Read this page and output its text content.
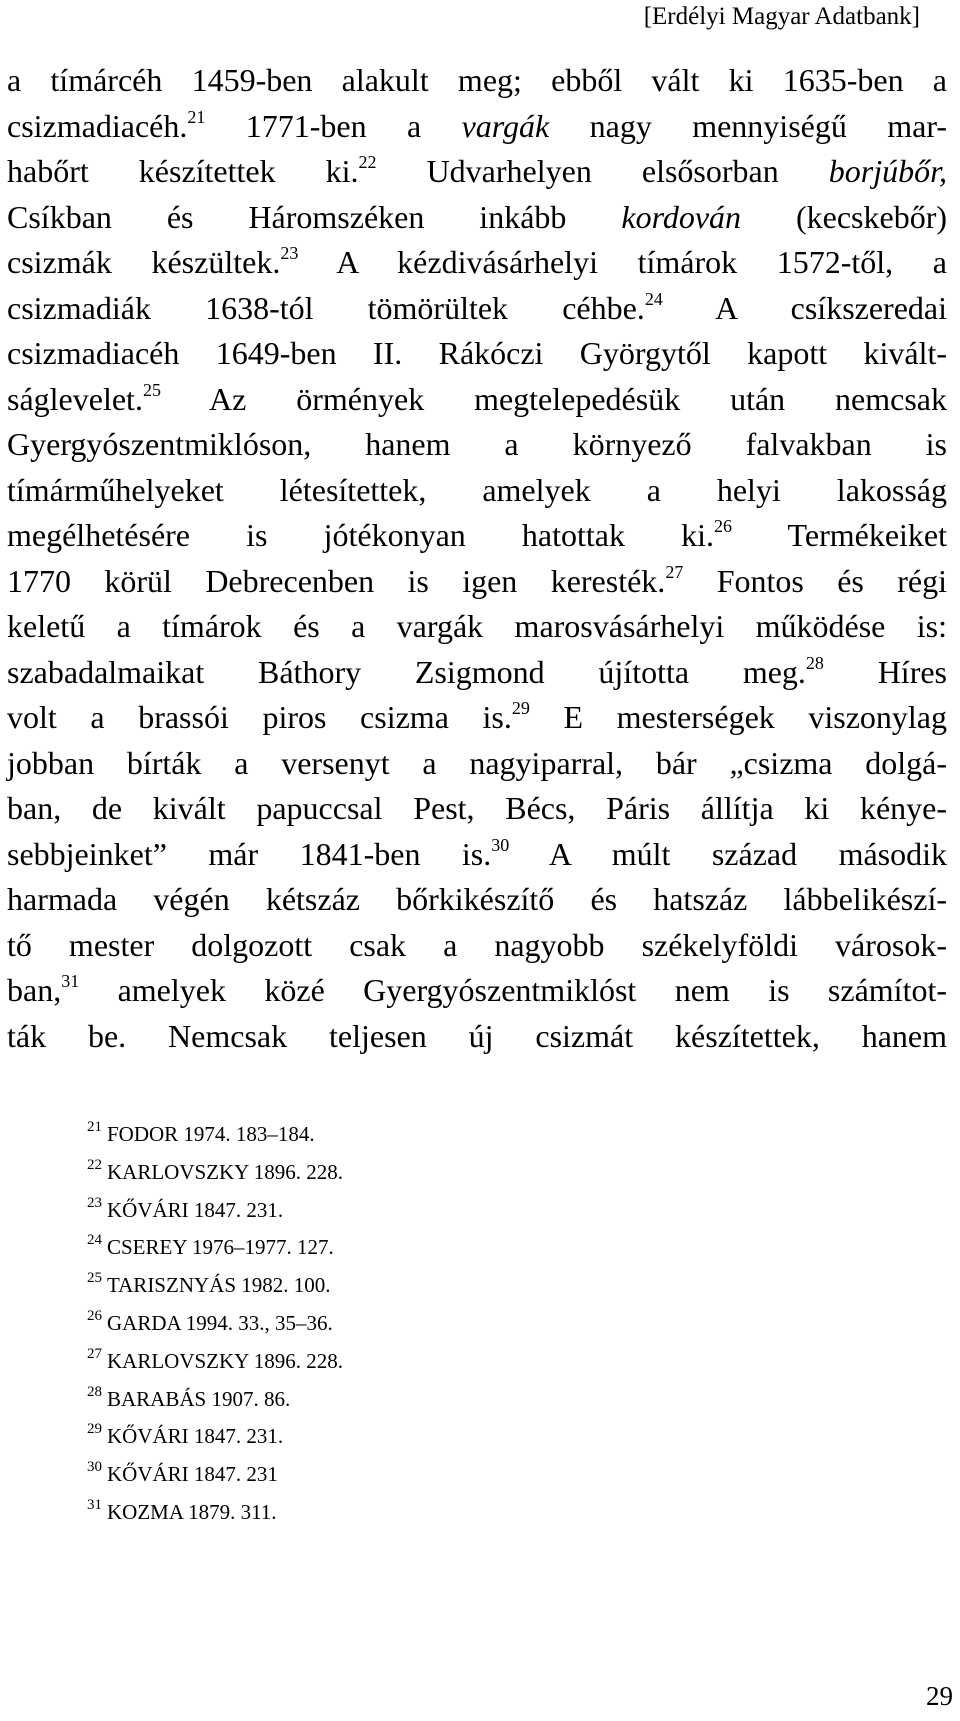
[Erdélyi Magyar Adatbank]
a tímárcéh 1459-ben alakult meg; ebből vált ki 1635-ben a
csizmadiacéh.$^{21}$ 1771-ben a vargák nagy mennyiségű mar-
habőrt készítettek ki.$^{22}$ Udvarhelyen elsősorban borjúbőr,
Csíkban és Háromszéken inkább kordován (kecskebőr)
csizmák készültek.$^{23}$ A kézdivásárhelyi tímárok 1572-től, a
csizmadiák 1638-tól tömörültek céhbe.$^{24}$ A csíkszeredai
csizmadiacéh 1649-ben II. Rákóczi Györgytől kapott kivált-
ságlevelet.$^{25}$ Az örmények megtelepedésük után nemcsak
Gyergyószentmiklóson, hanem a környező falvakban is
tímárműhelyeket létesítettek, amelyek a helyi lakosság
megélhetésére is jótékonyan hatottak ki.$^{26}$ Termékeiket
1770 körül Debrecenben is igen keresték.$^{27}$ Fontos és régi
keletű a tímárok és a vargák marosvásárhelyi működése is:
szabadalmaikat Báthory Zsigmond újította meg.$^{28}$ Híres
volt a brassói piros csizma is.$^{29}$ E mesterségek viszonylag
jobban bírták a versenyt a nagyiparral, bár „csizma dolgá-
ban, de kivált papuccsal Pest, Bécs, Páris állítja ki kénye-
sebbjeinket” már 1841-ben is.$^{30}$ A múlt század második
harmada végén kétszáz bőrkikészítő és hatszáz lábbelikészí-
tő mester dolgozott csak a nagyobb székelyföldi városok-
ban,$^{31}$ amelyek közé Gyergyószentmiklóst nem is számítot-
ták be. Nemcsak teljesen új csizmát készítettek, hanem
$^{21}$ FODOR 1974. 183–184.
$^{22}$ KARLOVSZKY 1896. 228.
$^{23}$ KŐVÁRI 1847. 231.
$^{24}$ CSEREY 1976–1977. 127.
$^{25}$ TARISZNYÁS 1982. 100.
$^{26}$ GARDA 1994. 33., 35–36.
$^{27}$ KARLOVSZKY 1896. 228.
$^{28}$ BARABÁS 1907. 86.
$^{29}$ KŐVÁRI 1847. 231.
$^{30}$ KŐVÁRI 1847. 231
$^{31}$ KOZMA 1879. 311.
29
